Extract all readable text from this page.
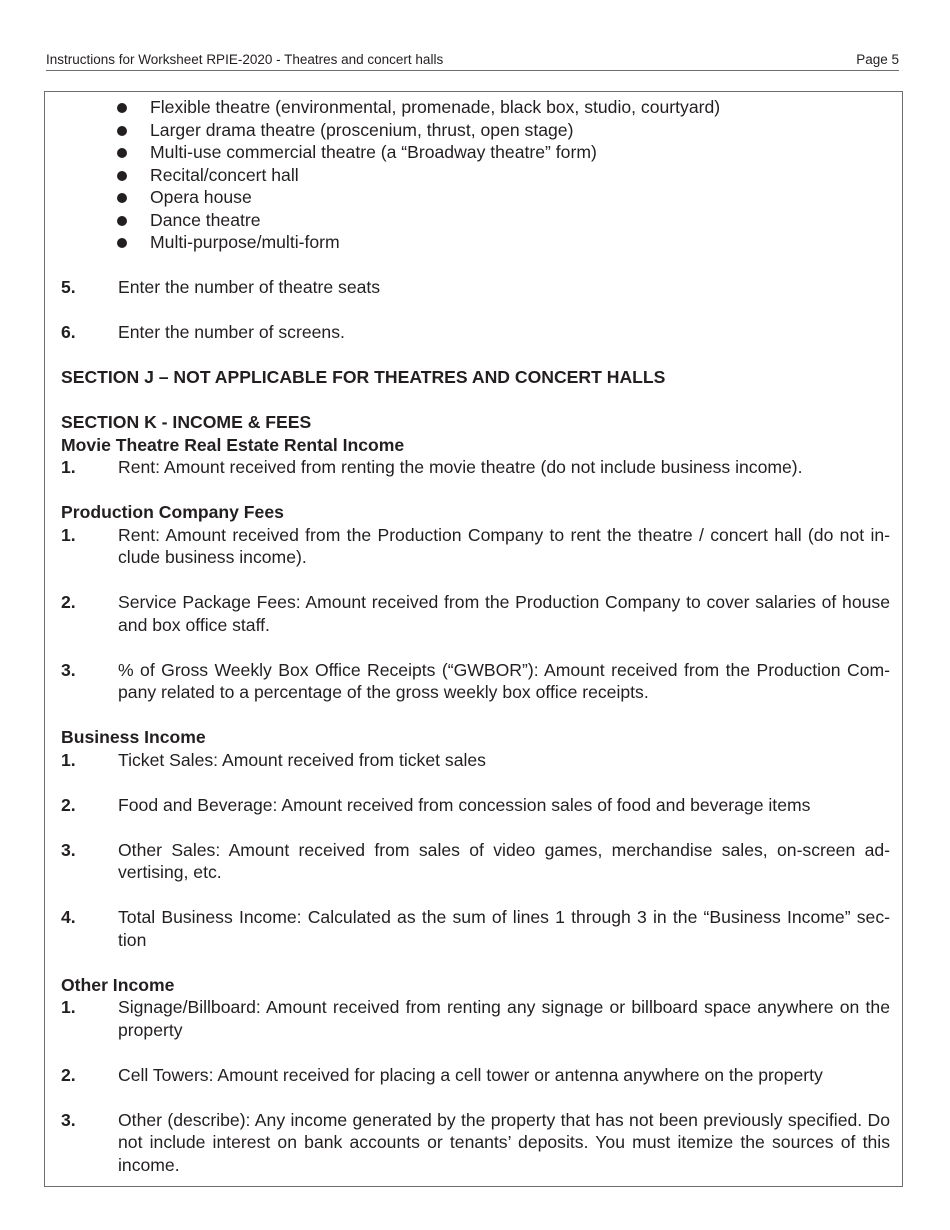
Instructions for Worksheet RPIE-2020 - Theatres and concert halls	Page 5
Flexible theatre (environmental, promenade, black box, studio, courtyard)
Larger drama theatre (proscenium, thrust, open stage)
Multi-use commercial theatre (a “Broadway theatre” form)
Recital/concert hall
Opera house
Dance theatre
Multi-purpose/multi-form
5.	Enter the number of theatre seats
6.	Enter the number of screens.
SECTION J – NOT APPLICABLE FOR THEATRES AND CONCERT HALLS
SECTION K - INCOME & FEES
Movie Theatre Real Estate Rental Income
1.	Rent: Amount received from renting the movie theatre (do not include business income).
Production Company Fees
1.	Rent: Amount received from the Production Company to rent the theatre / concert hall (do not include business income).
2.	Service Package Fees: Amount received from the Production Company to cover salaries of house and box office staff.
3.	% of Gross Weekly Box Office Receipts (“GWBOR”): Amount received from the Production Company related to a percentage of the gross weekly box office receipts.
Business Income
1.	Ticket Sales: Amount received from ticket sales
2.	Food and Beverage: Amount received from concession sales of food and beverage items
3.	Other Sales: Amount received from sales of video games, merchandise sales, on-screen advertising, etc.
4.	Total Business Income: Calculated as the sum of lines 1 through 3 in the “Business Income” section
Other Income
1.	Signage/Billboard: Amount received from renting any signage or billboard space anywhere on the property
2.	Cell Towers: Amount received for placing a cell tower or antenna anywhere on the property
3.	Other (describe): Any income generated by the property that has not been previously specified. Do not include interest on bank accounts or tenants’ deposits. You must itemize the sources of this income.
